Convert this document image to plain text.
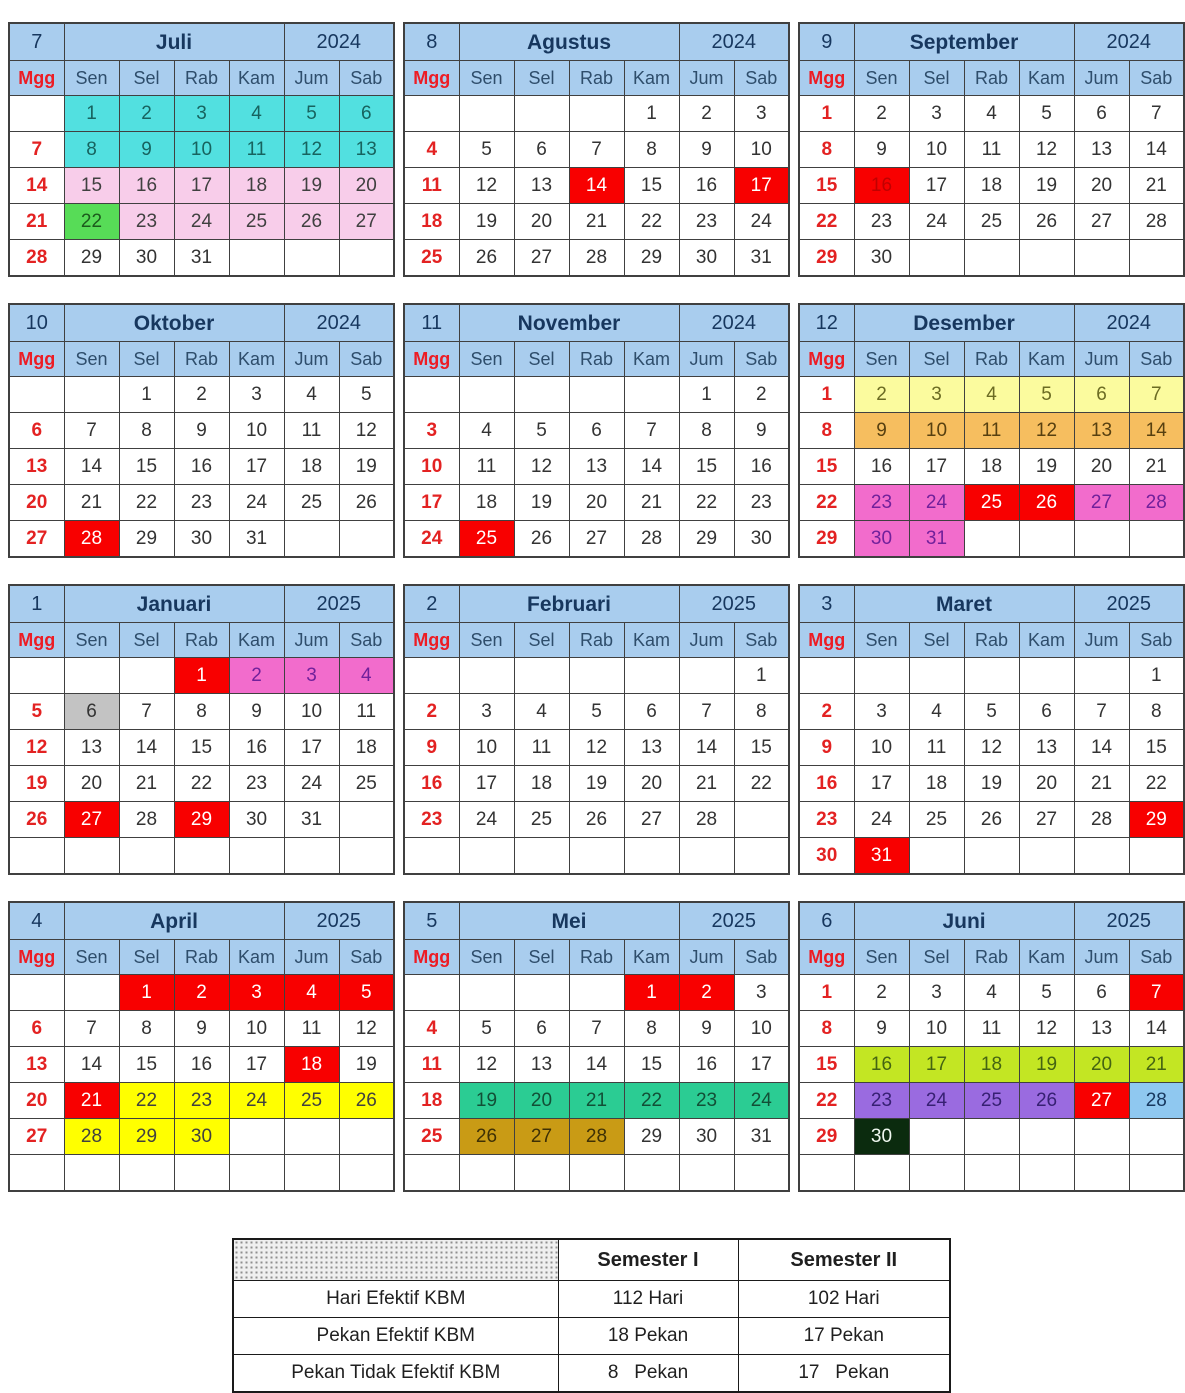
7	Juli				2024	
Mgg	Sen	Sel	Rab	Kam	Jum	Sab
	1	2	3	4	5	6
7	8	9	10	11	12	13
14	15	16	17	18	19	20
21	22	23	24	25	26	27
28	29	30	31			
8	Agustus				2024	
Mgg	Sen	Sel	Rab	Kam	Jum	Sab
				1	2	3
4	5	6	7	8	9	10
11	12	13	14	15	16	17
18	19	20	21	22	23	24
25	26	27	28	29	30	31
9	September				2024	
Mgg	Sen	Sel	Rab	Kam	Jum	Sab
1	2	3	4	5	6	7
8	9	10	11	12	13	14
15	16	17	18	19	20	21
22	23	24	25	26	27	28
29	30					
10	Oktober				2024	
Mgg	Sen	Sel	Rab	Kam	Jum	Sab
		1	2	3	4	5
6	7	8	9	10	11	12
13	14	15	16	17	18	19
20	21	22	23	24	25	26
27	28	29	30	31		
11	November				2024	
Mgg	Sen	Sel	Rab	Kam	Jum	Sab
					1	2
3	4	5	6	7	8	9
10	11	12	13	14	15	16
17	18	19	20	21	22	23
24	25	26	27	28	29	30
12	Desember				2024	
Mgg	Sen	Sel	Rab	Kam	Jum	Sab
1	2	3	4	5	6	7
8	9	10	11	12	13	14
15	16	17	18	19	20	21
22	23	24	25	26	27	28
29	30	31				
1	Januari				2025	
Mgg	Sen	Sel	Rab	Kam	Jum	Sab
			1	2	3	4
5	6	7	8	9	10	11
12	13	14	15	16	17	18
19	20	21	22	23	24	25
26	27	28	29	30	31	

2	Februari				2025	
Mgg	Sen	Sel	Rab	Kam	Jum	Sab
						1
2	3	4	5	6	7	8
9	10	11	12	13	14	15
16	17	18	19	20	21	22
23	24	25	26	27	28	

3	Maret				2025	
Mgg	Sen	Sel	Rab	Kam	Jum	Sab
						1
2	3	4	5	6	7	8
9	10	11	12	13	14	15
16	17	18	19	20	21	22
23	24	25	26	27	28	29
30	31					
4	April				2025	
Mgg	Sen	Sel	Rab	Kam	Jum	Sab
		1	2	3	4	5
6	7	8	9	10	11	12
13	14	15	16	17	18	19
20	21	22	23	24	25	26
27	28	29	30			

5	Mei				2025	
Mgg	Sen	Sel	Rab	Kam	Jum	Sab
				1	2	3
4	5	6	7	8	9	10
11	12	13	14	15	16	17
18	19	20	21	22	23	24
25	26	27	28	29	30	31

6	Juni				2025	
Mgg	Sen	Sel	Rab	Kam	Jum	Sab
1	2	3	4	5	6	7
8	9	10	11	12	13	14
15	16	17	18	19	20	21
22	23	24	25	26	27	28
29	30					

	Semester I	Semester II
Hari Efektif KBM	112 Hari	102 Hari
Pekan Efektif KBM	18 Pekan	17 Pekan
Pekan Tidak Efektif KBM	8   Pekan	17   Pekan
